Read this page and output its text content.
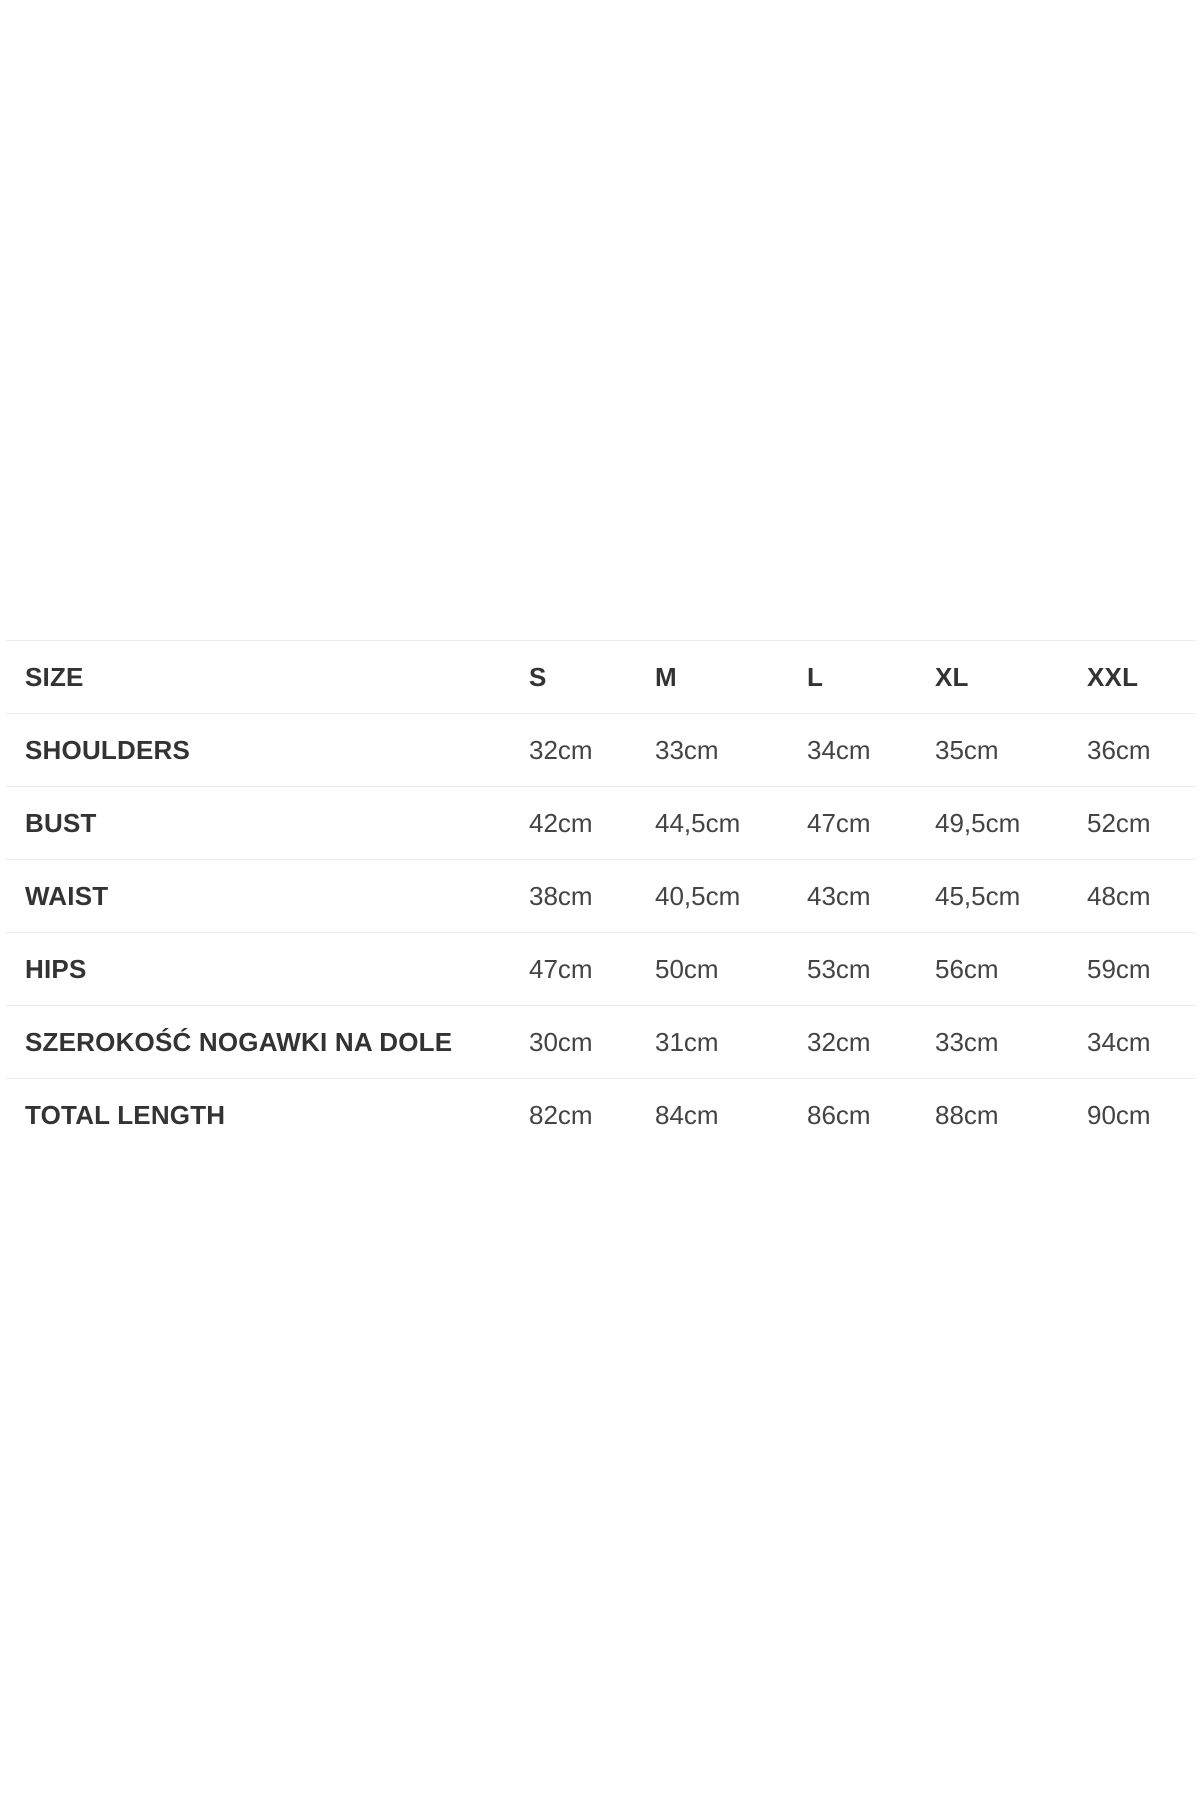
SIZE	S	M	L	XL	XXL
SHOULDERS	32cm	33cm	34cm	35cm	36cm
BUST	42cm	44,5cm	47cm	49,5cm	52cm
WAIST	38cm	40,5cm	43cm	45,5cm	48cm
HIPS	47cm	50cm	53cm	56cm	59cm
SZEROKOŚĆ NOGAWKI NA DOLE	30cm	31cm	32cm	33cm	34cm
TOTAL LENGTH	82cm	84cm	86cm	88cm	90cm
